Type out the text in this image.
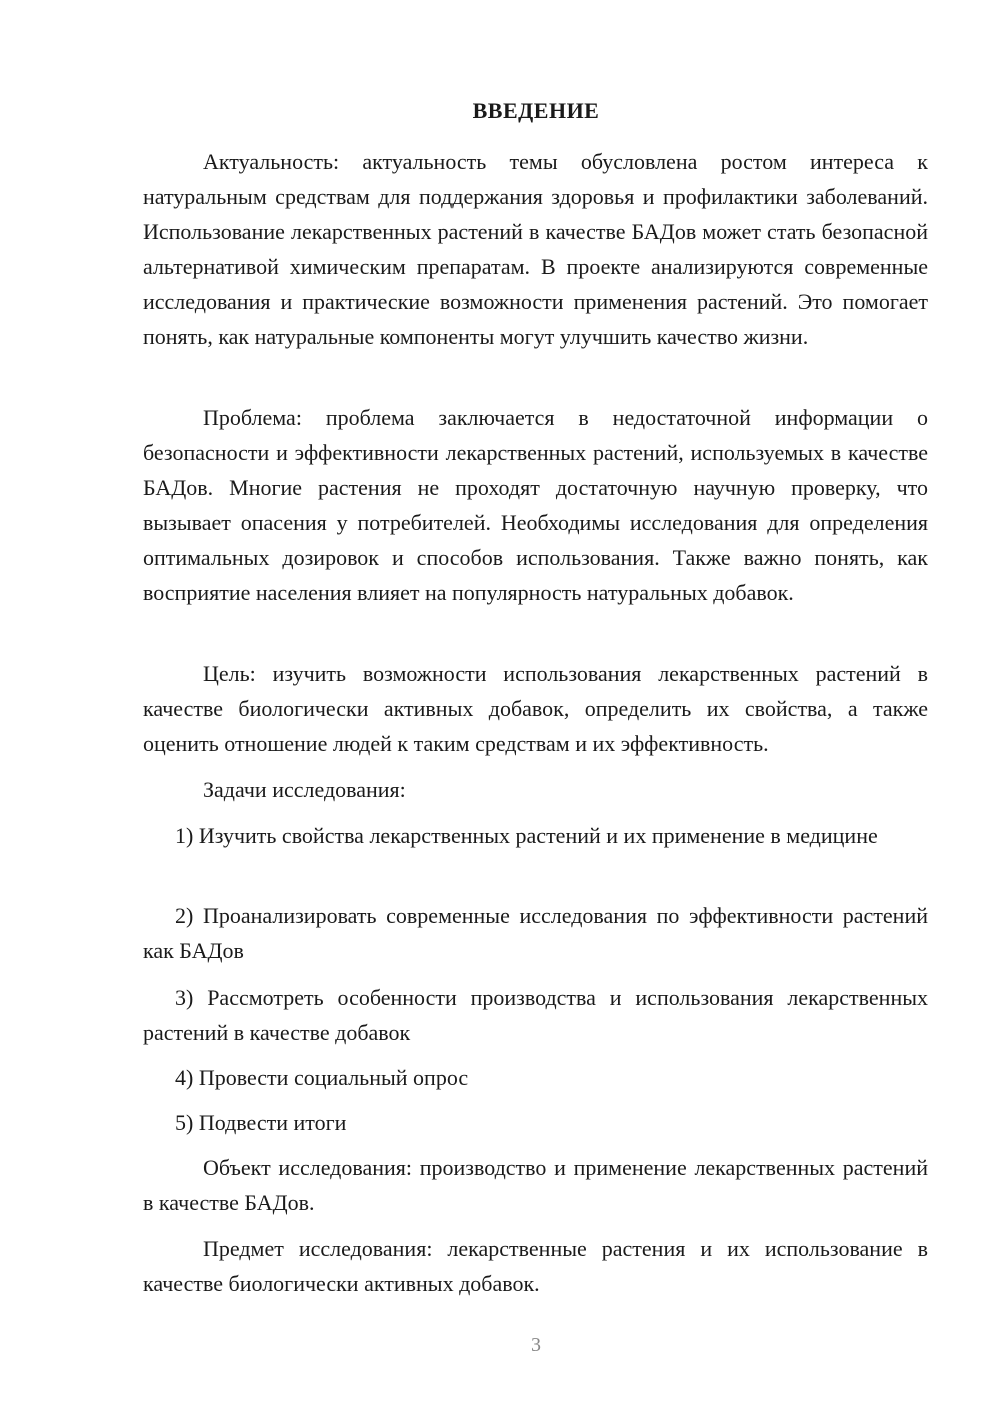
ВВЕДЕНИЕ

Актуальность: актуальность темы обусловлена ростом интереса к натуральным средствам для поддержания здоровья и профилактики заболеваний. Использование лекарственных растений в качестве БАДов может стать безопасной альтернативой химическим препаратам. В проекте анализируются современные исследования и практические возможности применения растений. Это помогает понять, как натуральные компоненты могут улучшить качество жизни.

Проблема: проблема заключается в недостаточной информации о безопасности и эффективности лекарственных растений, используемых в качестве БАДов. Многие растения не проходят достаточную научную проверку, что вызывает опасения у потребителей. Необходимы исследования для определения оптимальных дозировок и способов использования. Также важно понять, как восприятие населения влияет на популярность натуральных добавок.

Цель: изучить возможности использования лекарственных растений в качестве биологически активных добавок, определить их свойства, а также оценить отношение людей к таким средствам и их эффективность.

Задачи исследования:

1) Изучить свойства лекарственных растений и их применение в медицине

2) Проанализировать современные исследования по эффективности растений как БАДов

3) Рассмотреть особенности производства и использования лекарственных растений в качестве добавок

4) Провести социальный опрос

5) Подвести итоги

Объект исследования: производство и применение лекарственных растений в качестве БАДов.

Предмет исследования: лекарственные растения и их использование в качестве биологически активных добавок.

3
